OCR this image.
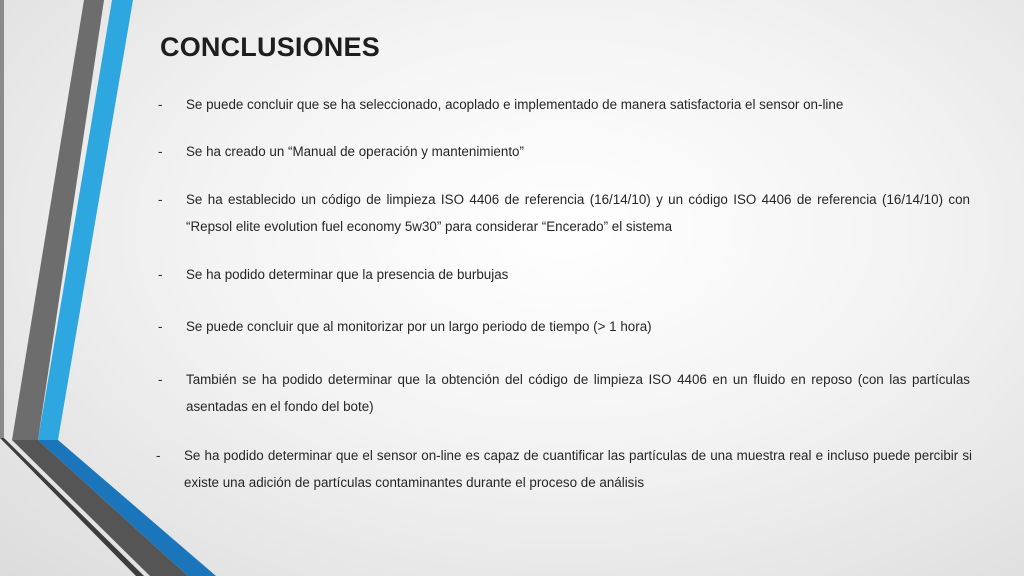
CONCLUSIONES
-	Se puede concluir que se ha seleccionado, acoplado e implementado de manera satisfactoria el sensor on-line
-	Se ha creado un “Manual de operación y mantenimiento”
-	Se ha establecido un código de limpieza ISO 4406 de referencia (16/14/10) y un código ISO 4406 de referencia (16/14/10) con “Repsol elite evolution fuel economy 5w30” para considerar “Encerado” el sistema
-	Se ha podido determinar que la presencia de burbujas
-	Se puede concluir que al monitorizar por un largo periodo de tiempo (> 1 hora)
-	También se ha podido determinar que la obtención del código de limpieza ISO 4406 en un fluido en reposo (con las partículas asentadas en el fondo del bote)
-	Se ha podido determinar que el sensor on-line es capaz de cuantificar las partículas de una muestra real e incluso puede percibir si existe una adición de partículas contaminantes durante el proceso de análisis
